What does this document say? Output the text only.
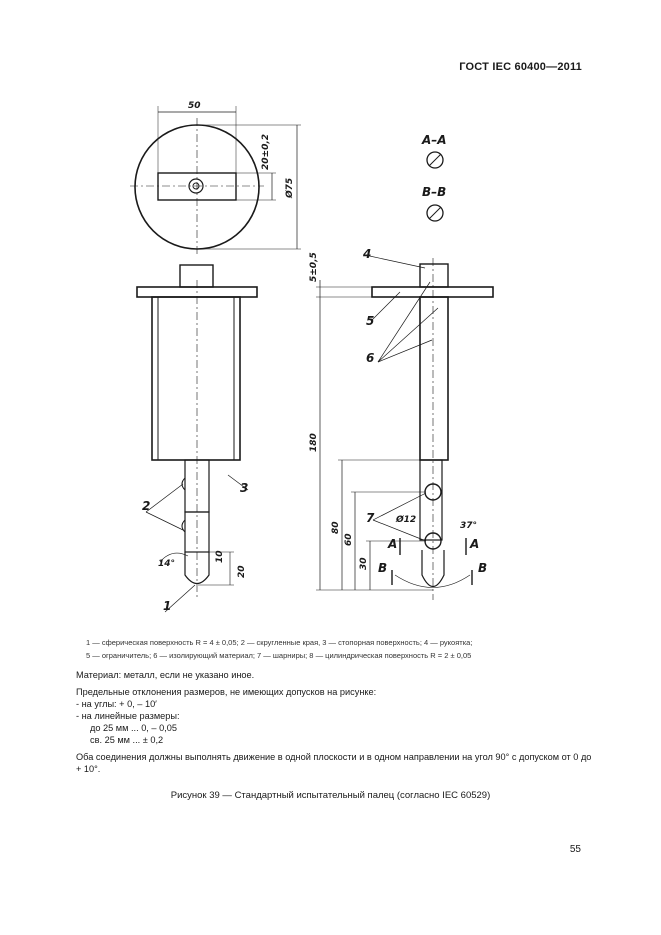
ГОСТ IEC 60400—2011
50
20±0,2
Ø75
3
2
1
14°
20
10
А–А
В–В
5±0,5
180
80
60
30
Ø12
37°
4
5
6
7
А	А
В	В
1 — сферическая поверхность R = 4 ± 0,05; 2 — скругленные края, 3 — стопорная поверхность; 4 — рукоятка;
5 — ограничитель; 6 — изолирующий материал; 7 — шарниры; 8 — цилиндрическая поверхность R = 2 ± 0,05

Материал: металл, если не указано иное.

Предельные отклонения размеров, не имеющих допусков на рисунке:

- на углы: + 0, – 10′

- на линейные размеры:

до 25 мм ... 0, – 0,05

св. 25 мм ... ± 0,2

Оба соединения должны выполнять движение в одной плоскости и в одном направлении на угол 90° с допуском от 0 до + 10°.

Рисунок 39 — Стандартный испытательный палец (согласно IEC 60529)
55
